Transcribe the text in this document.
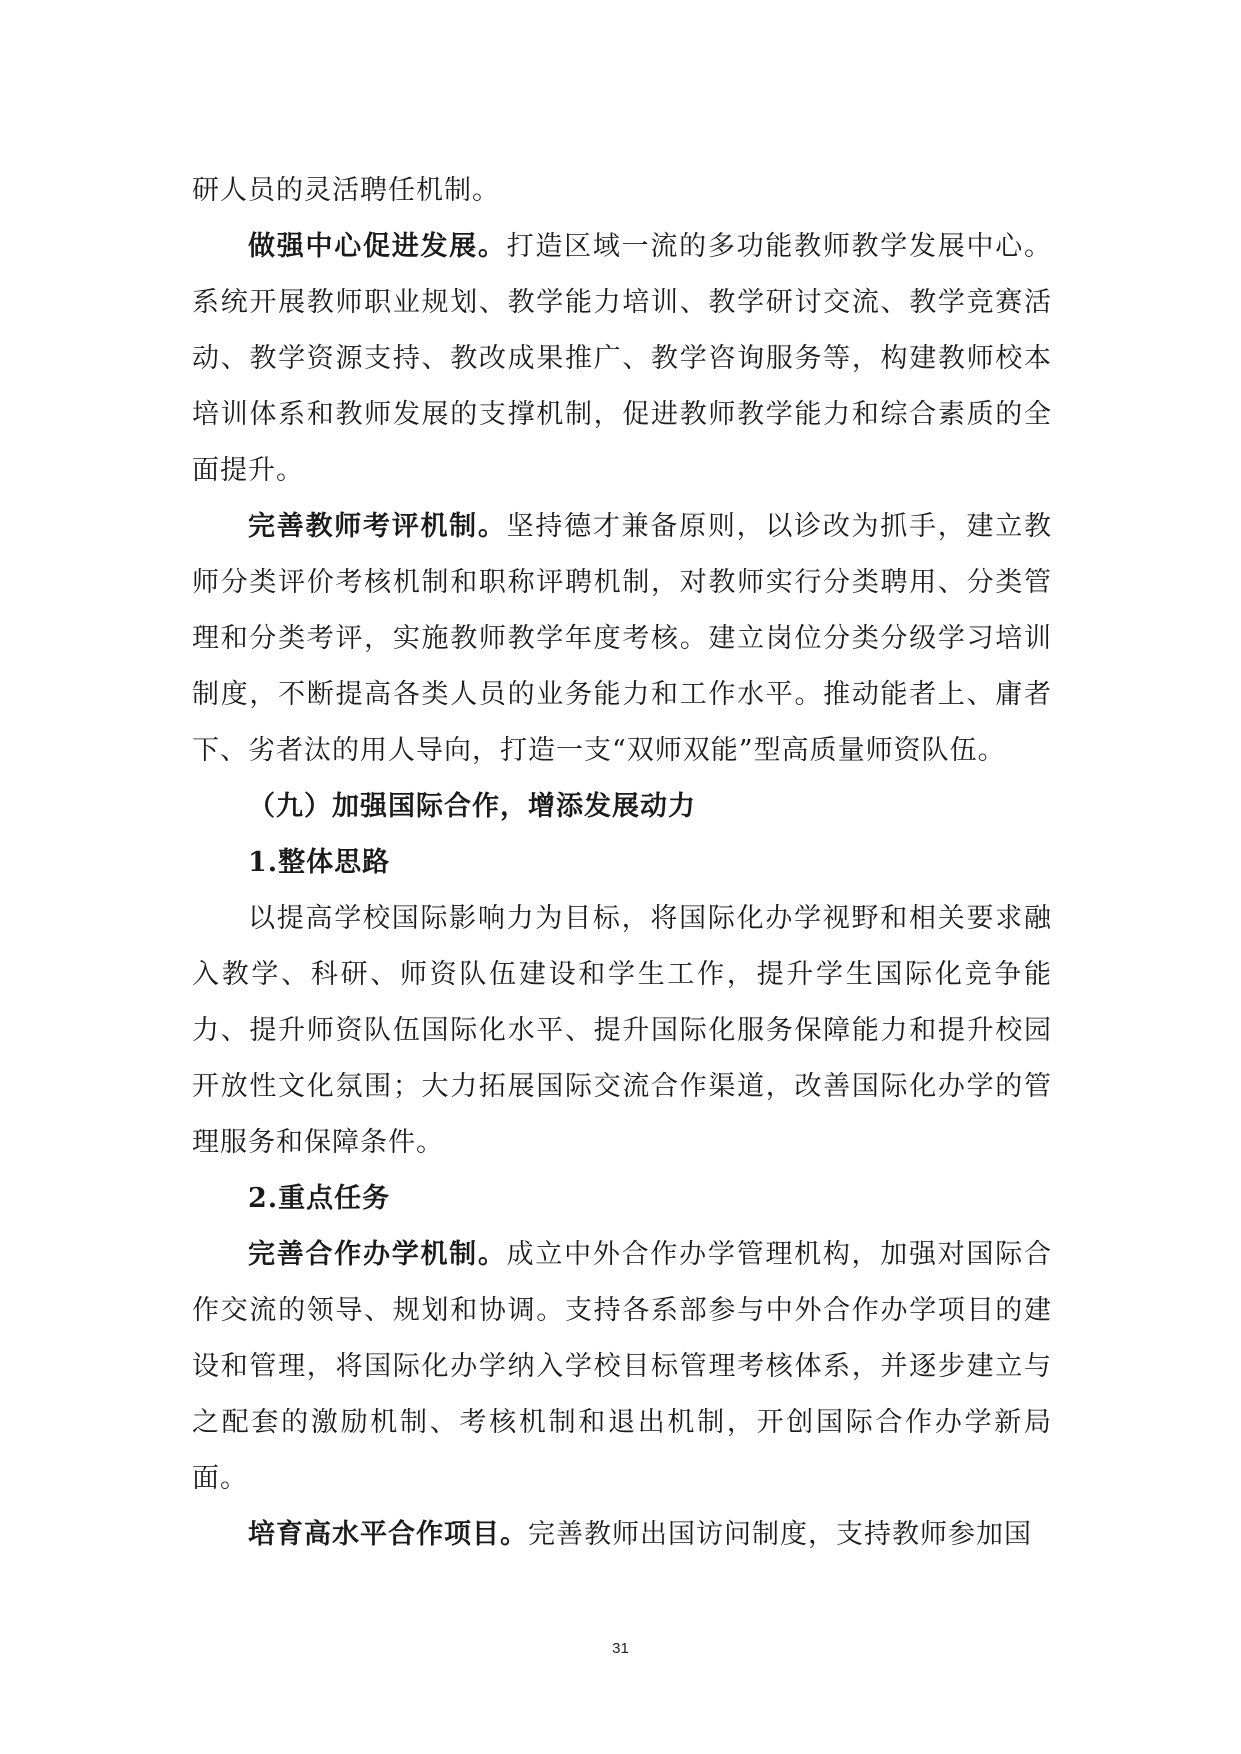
研人员的灵活聘任机制。

做强中心促进发展。打造区域一流的多功能教师教学发展中心。系统开展教师职业规划、教学能力培训、教学研讨交流、教学竞赛活动、教学资源支持、教改成果推广、教学咨询服务等，构建教师校本培训体系和教师发展的支撑机制，促进教师教学能力和综合素质的全面提升。

完善教师考评机制。坚持德才兼备原则，以诊改为抓手，建立教师分类评价考核机制和职称评聘机制，对教师实行分类聘用、分类管理和分类考评，实施教师教学年度考核。建立岗位分类分级学习培训制度，不断提高各类人员的业务能力和工作水平。推动能者上、庸者下、劣者汰的用人导向，打造一支“双师双能”型高质量师资队伍。

（九）加强国际合作，增添发展动力

1.整体思路

以提高学校国际影响力为目标，将国际化办学视野和相关要求融入教学、科研、师资队伍建设和学生工作，提升学生国际化竞争能力、提升师资队伍国际化水平、提升国际化服务保障能力和提升校园开放性文化氛围；大力拓展国际交流合作渠道，改善国际化办学的管理服务和保障条件。

2.重点任务

完善合作办学机制。成立中外合作办学管理机构，加强对国际合作交流的领导、规划和协调。支持各系部参与中外合作办学项目的建设和管理，将国际化办学纳入学校目标管理考核体系，并逐步建立与之配套的激励机制、考核机制和退出机制，开创国际合作办学新局面。

培育高水平合作项目。完善教师出国访问制度，支持教师参加国

31
